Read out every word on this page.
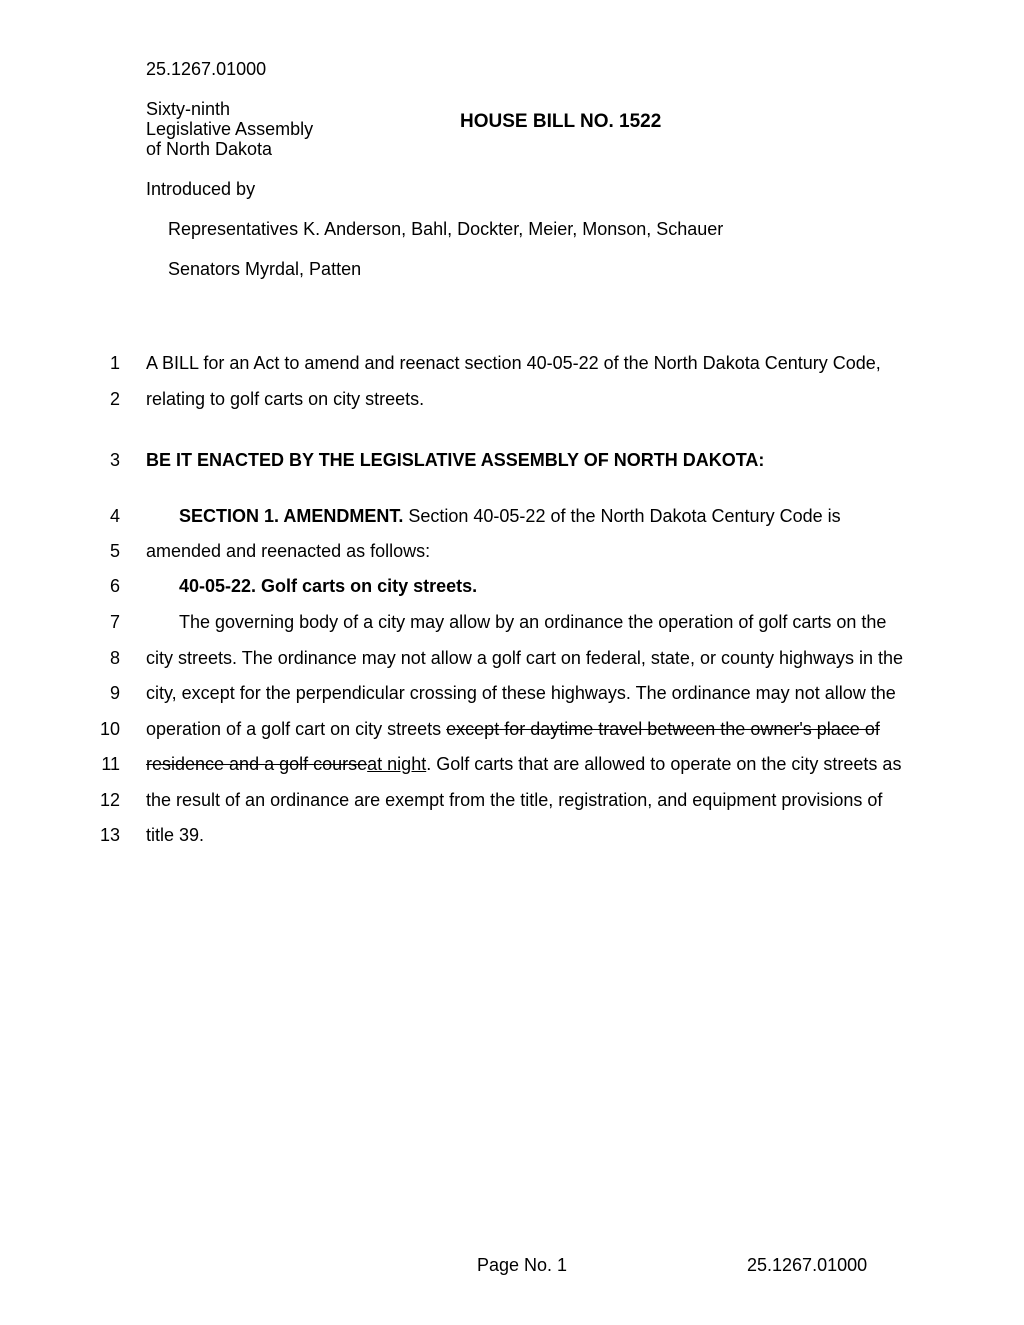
25.1267.01000
Sixty-ninth
Legislative Assembly
of North Dakota
HOUSE BILL NO. 1522
Introduced by
Representatives K. Anderson, Bahl, Dockter, Meier, Monson, Schauer
Senators Myrdal, Patten
1
2
3
4
5
6
7
8
9
10
11
12
13
A BILL for an Act to amend and reenact section 40-05-22 of the North Dakota Century Code,
relating to golf carts on city streets.
BE IT ENACTED BY THE LEGISLATIVE ASSEMBLY OF NORTH DAKOTA:
SECTION 1. AMENDMENT. Section 40-05-22 of the North Dakota Century Code is
amended and reenacted as follows:
40-05-22. Golf carts on city streets.
The governing body of a city may allow by an ordinance the operation of golf carts on the
city streets. The ordinance may not allow a golf cart on federal, state, or county highways in the
city, except for the perpendicular crossing of these highways. The ordinance may not allow the
operation of a golf cart on city streets except for daytime travel between the owner's place of
residence and a golf courseat night. Golf carts that are allowed to operate on the city streets as
the result of an ordinance are exempt from the title, registration, and equipment provisions of
title 39.
Page No. 1	25.1267.01000
